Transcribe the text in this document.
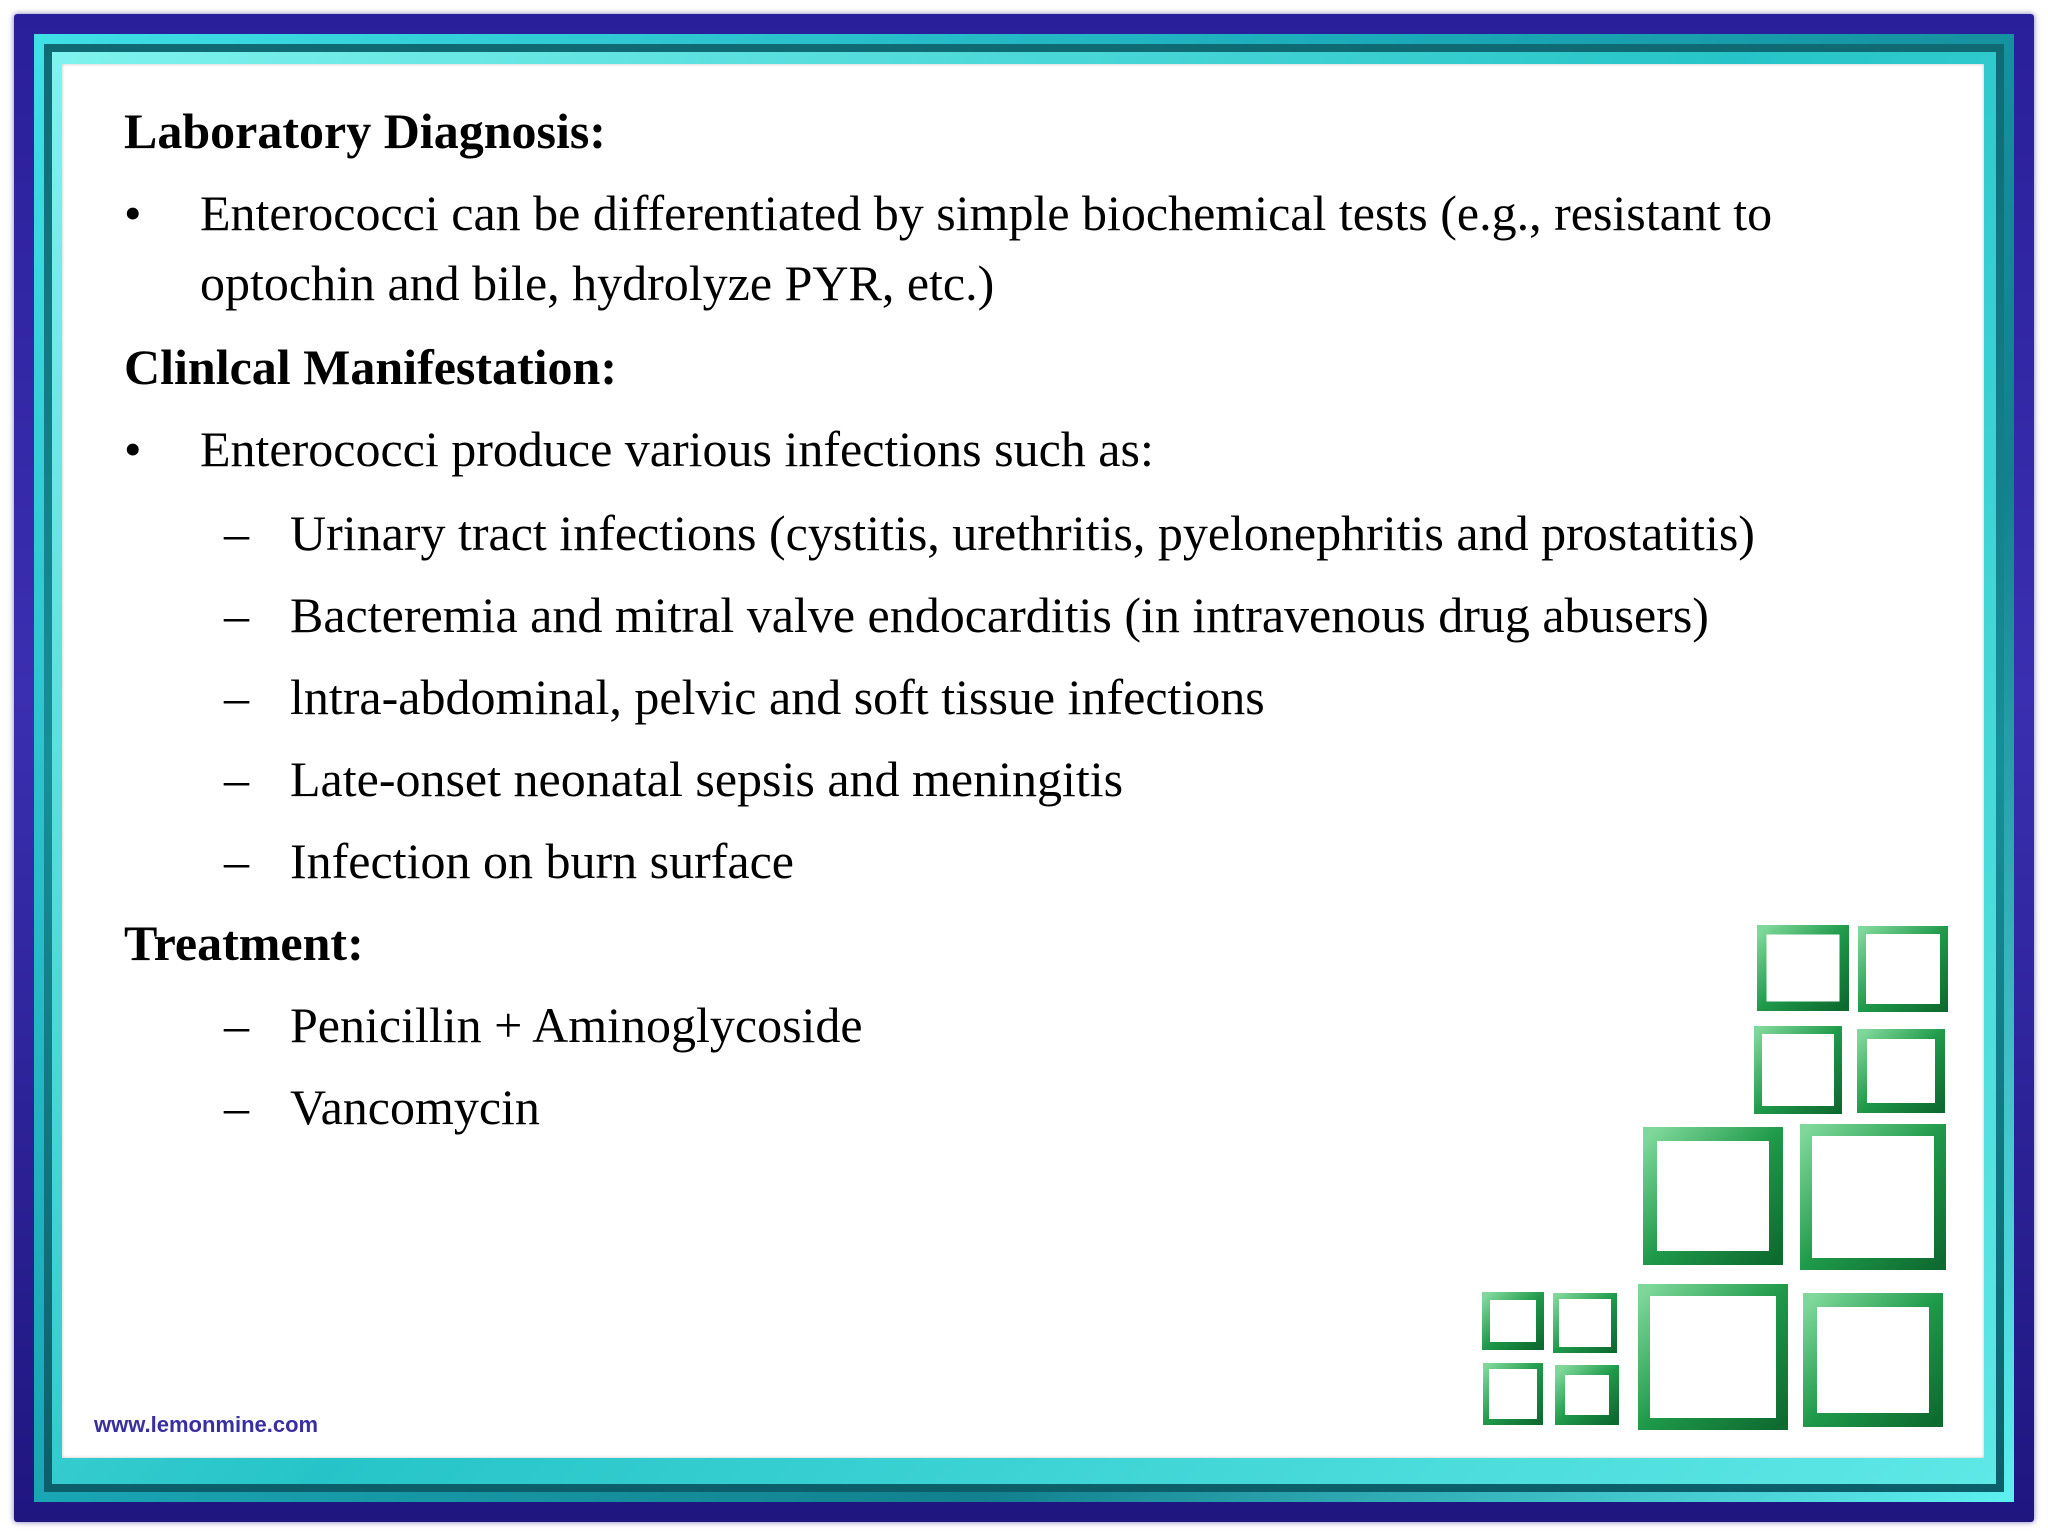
Laboratory Diagnosis:
• Enterococci can be differentiated by simple biochemical tests (e.g., resistant to optochin and bile, hydrolyze PYR, etc.)
Clinlcal Manifestation:
• Enterococci produce various infections such as:
– Urinary tract infections (cystitis, urethritis, pyelonephritis and prostatitis)
– Bacteremia and mitral valve endocarditis (in intravenous drug abusers)
– lntra-abdominal, pelvic and soft tissue infections
– Late-onset neonatal sepsis and meningitis
– Infection on burn surface
Treatment:
– Penicillin + Aminoglycoside
– Vancomycin
www.lemonmine.com
